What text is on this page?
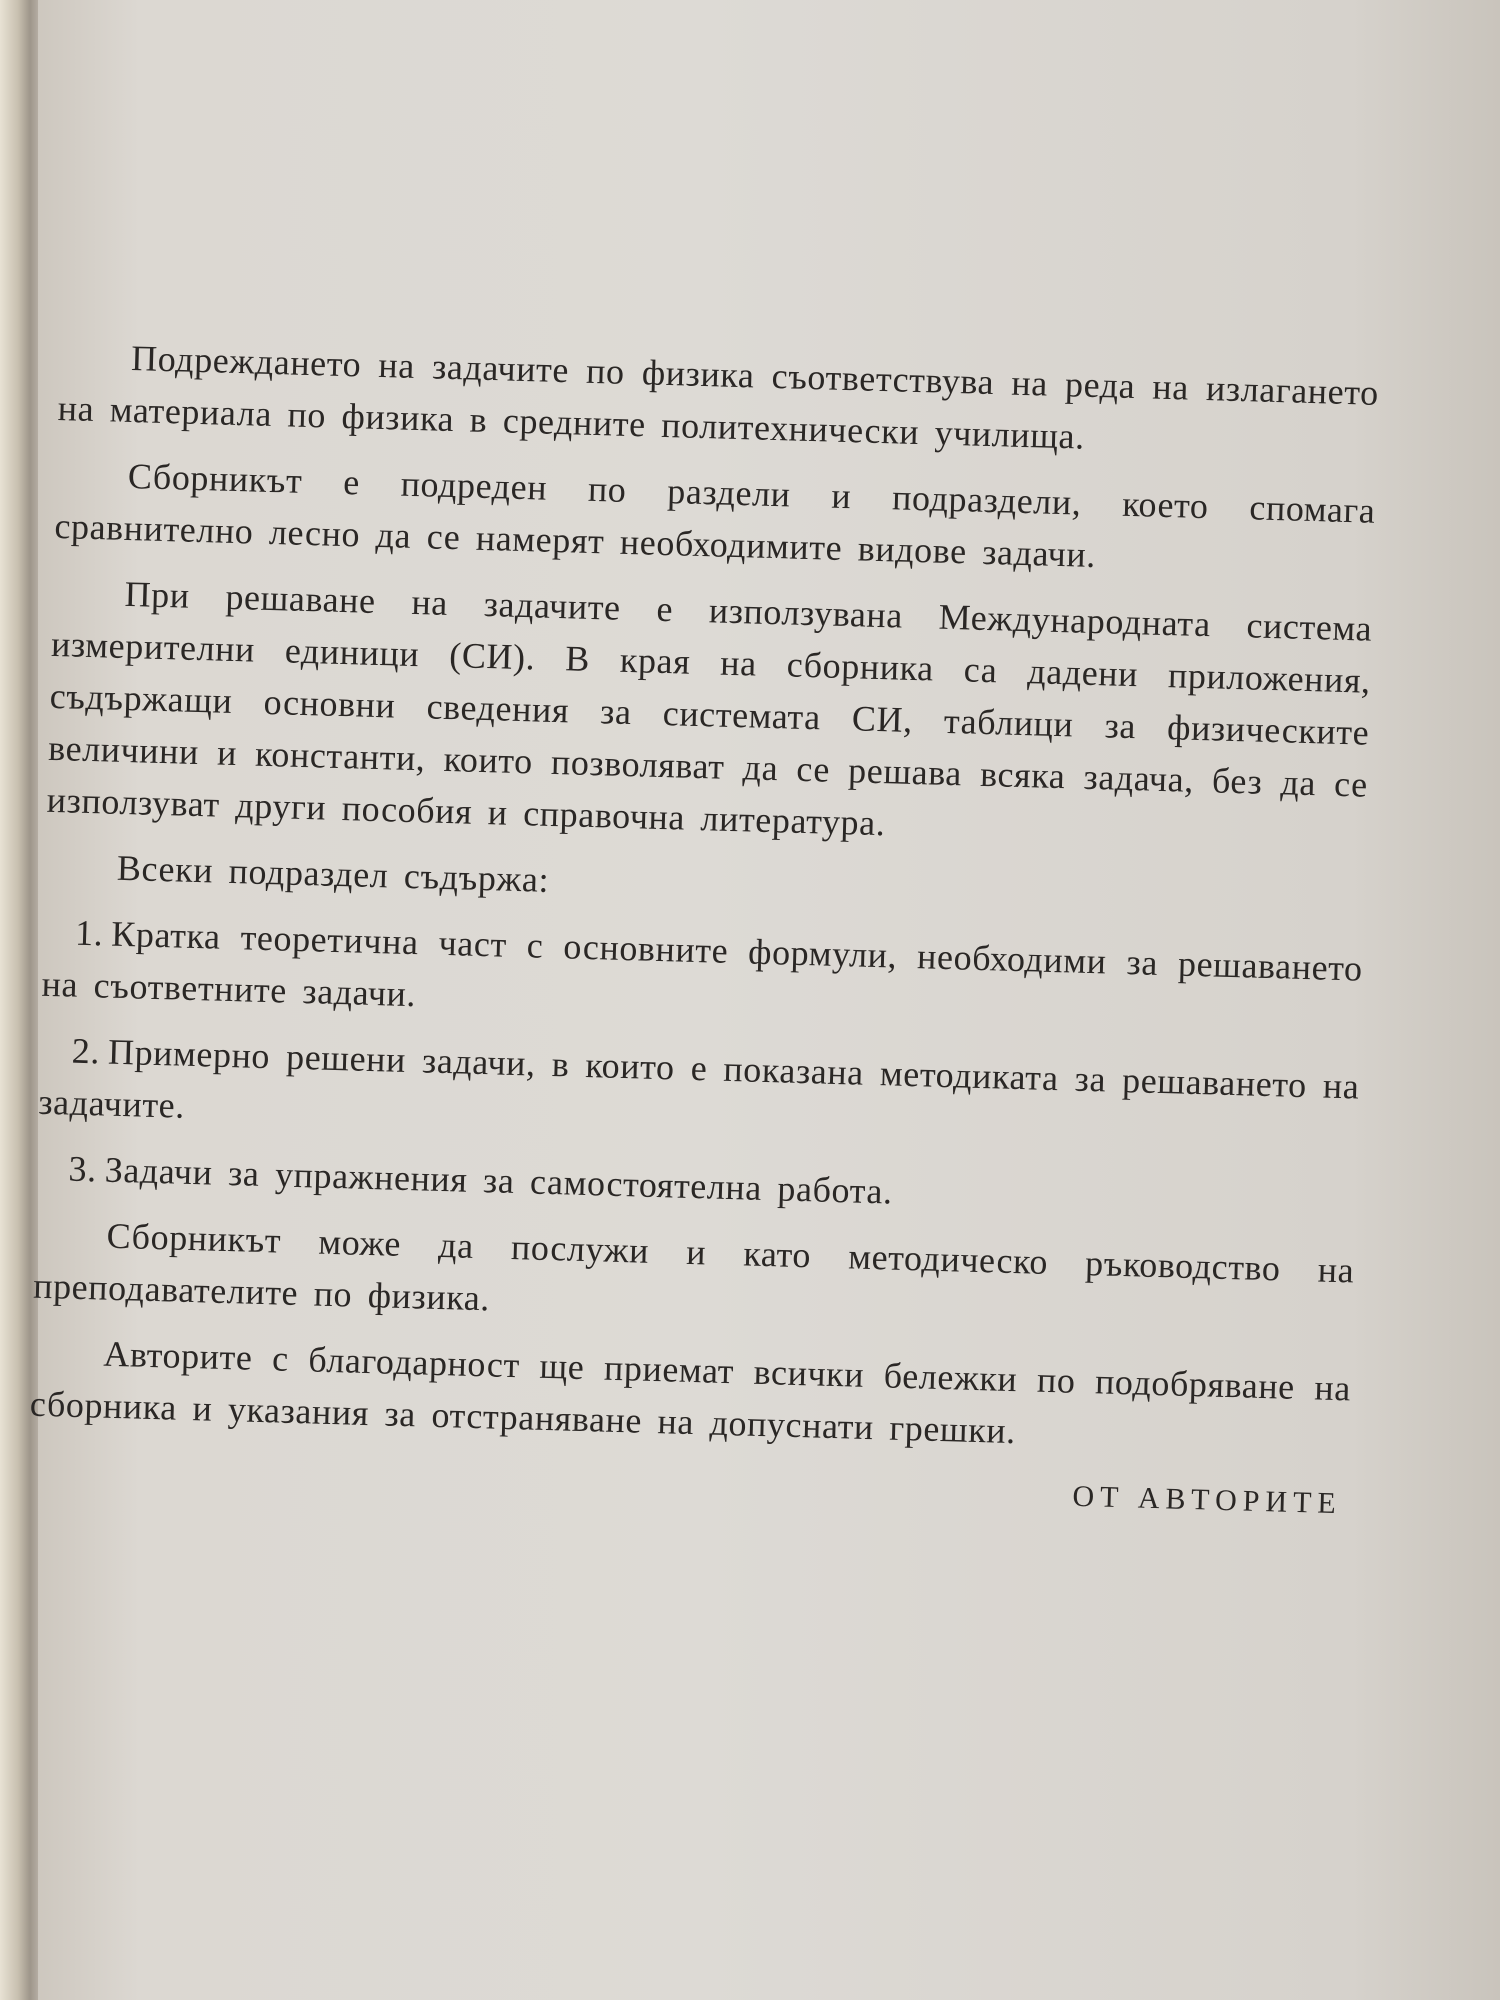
Подреждането на задачите по физика съответствува на реда на излагането на материала по физика в средните политехнически училища.

Сборникът е подреден по раздели и подраздели, което спомага сравнително лесно да се намерят необходимите видове задачи.

При решаване на задачите е използувана Международната система измерителни единици (СИ). В края на сборника са дадени приложения, съдържащи основни сведения за системата СИ, таблици за физическите величини и константи, които позволяват да се решава всяка задача, без да се използуват други пособия и справочна литература.

Всеки подраздел съдържа:

1. Кратка теоретична част с основните формули, необходими за решаването на съответните задачи.

2. Примерно решени задачи, в които е показана методиката за решаването на задачите.

3. Задачи за упражнения за самостоятелна работа.

Сборникът може да послужи и като методическо ръководство на преподавателите по физика.

Авторите с благодарност ще приемат всички бележки по подобряване на сборника и указания за отстраняване на допуснати грешки.

ОТ АВТОРИТЕ
